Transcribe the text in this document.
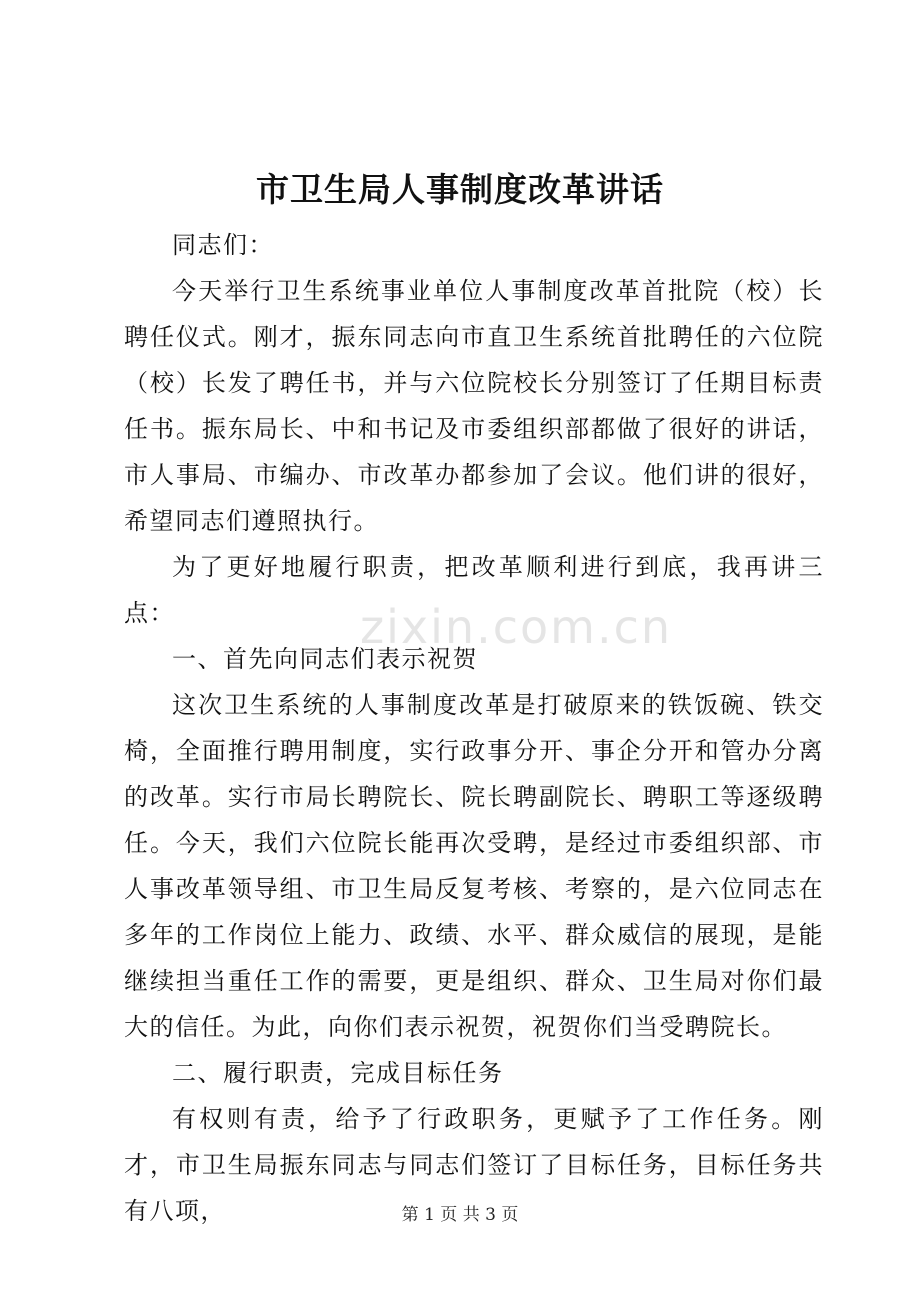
市卫生局人事制度改革讲话
zixin.com.cn

同志们：

今天举行卫生系统事业单位人事制度改革首批院（校）长聘任仪式。刚才，振东同志向市直卫生系统首批聘任的六位院（校）长发了聘任书，并与六位院校长分别签订了任期目标责任书。振东局长、中和书记及市委组织部都做了很好的讲话，市人事局、市编办、市改革办都参加了会议。他们讲的很好，希望同志们遵照执行。

为了更好地履行职责，把改革顺利进行到底，我再讲三点：

一、首先向同志们表示祝贺

这次卫生系统的人事制度改革是打破原来的铁饭碗、铁交椅，全面推行聘用制度，实行政事分开、事企分开和管办分离的改革。实行市局长聘院长、院长聘副院长、聘职工等逐级聘任。今天，我们六位院长能再次受聘，是经过市委组织部、市人事改革领导组、市卫生局反复考核、考察的，是六位同志在多年的工作岗位上能力、政绩、水平、群众威信的展现，是能继续担当重任工作的需要，更是组织、群众、卫生局对你们最大的信任。为此，向你们表示祝贺，祝贺你们当受聘院长。

二、履行职责，完成目标任务

有权则有责，给予了行政职务，更赋予了工作任务。刚才，市卫生局振东同志与同志们签订了目标任务，目标任务共有八项，	第 1 页 共 3 页
